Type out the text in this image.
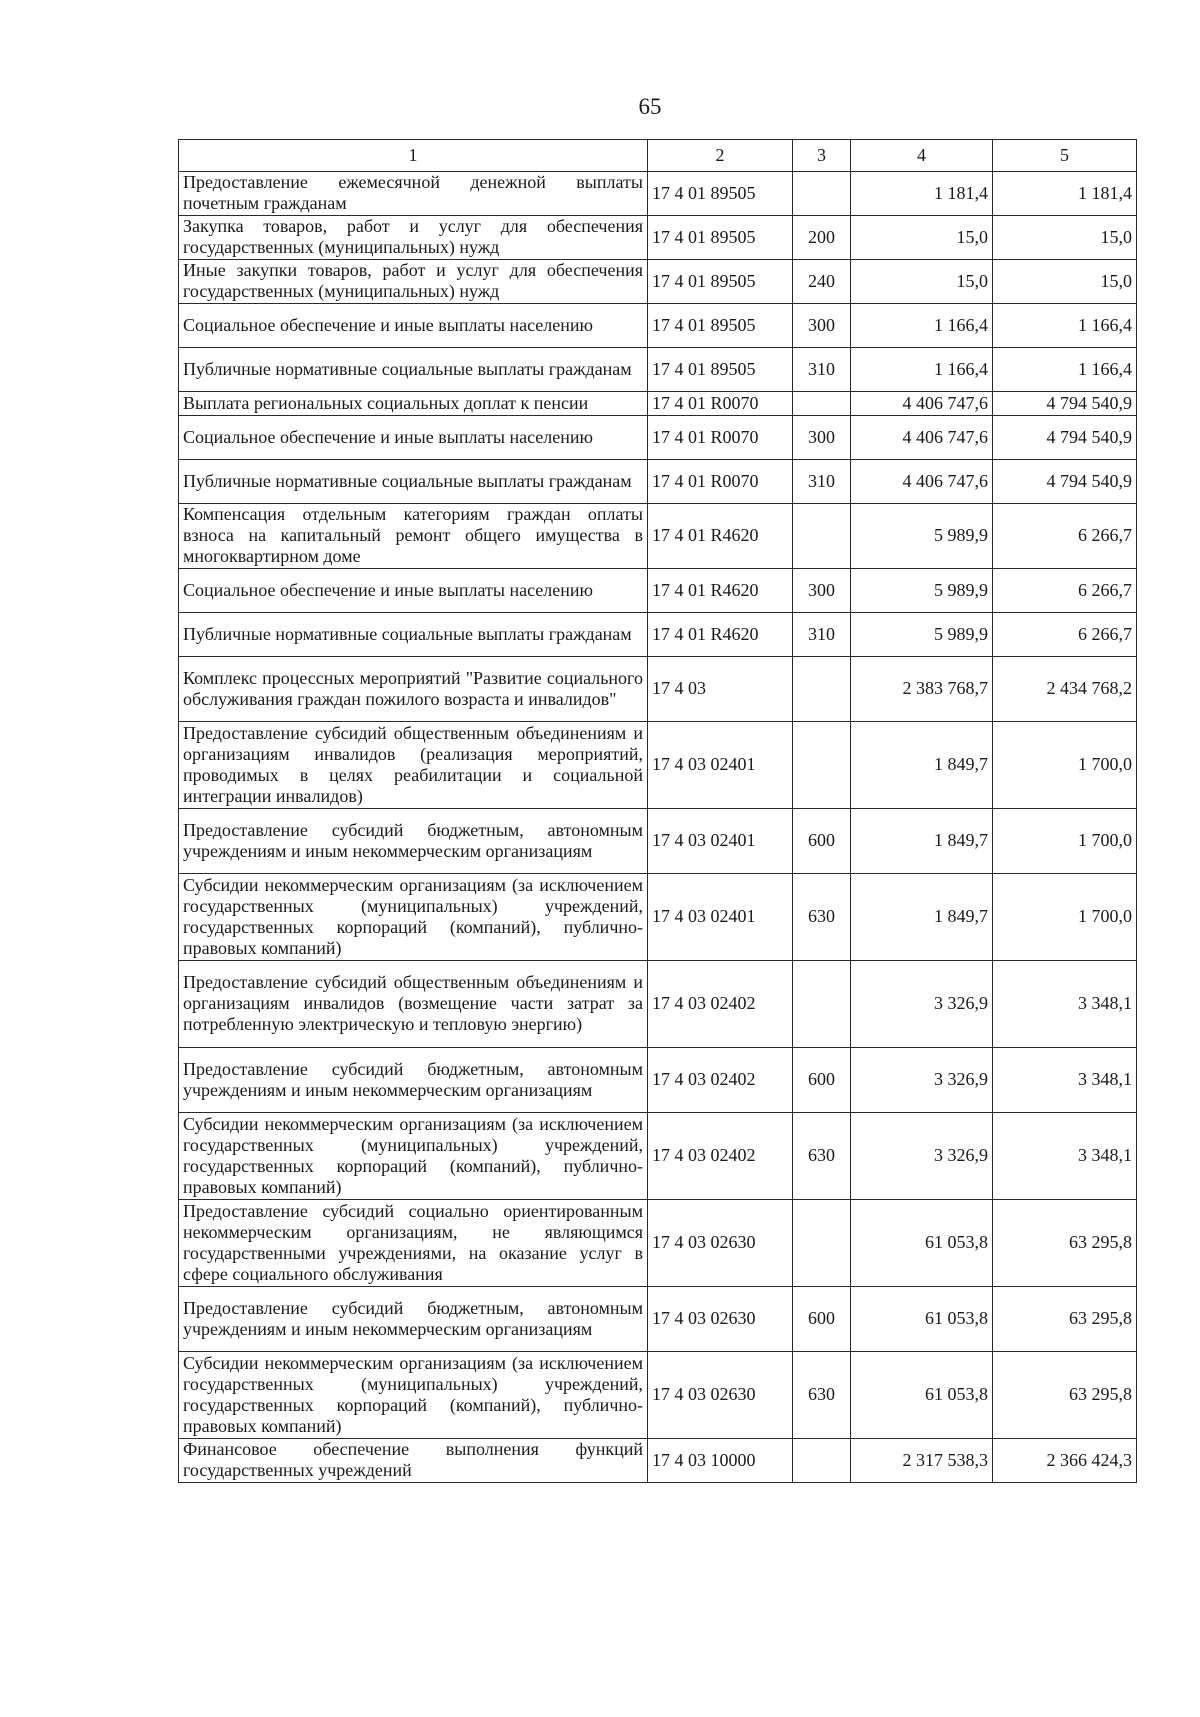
65
1	2	3	4	5
Предоставление ежемесячной денежной выплаты почетным гражданам	17 4 01 89505		1 181,4	1 181,4
Закупка товаров, работ и услуг для обеспечения государственных (муниципальных) нужд	17 4 01 89505	200	15,0	15,0
Иные закупки товаров, работ и услуг для обеспечения государственных (муниципальных) нужд	17 4 01 89505	240	15,0	15,0
Социальное обеспечение и иные выплаты населению	17 4 01 89505	300	1 166,4	1 166,4
Публичные нормативные социальные выплаты гражданам	17 4 01 89505	310	1 166,4	1 166,4
Выплата региональных социальных доплат к пенсии	17 4 01 R0070		4 406 747,6	4 794 540,9
Социальное обеспечение и иные выплаты населению	17 4 01 R0070	300	4 406 747,6	4 794 540,9
Публичные нормативные социальные выплаты гражданам	17 4 01 R0070	310	4 406 747,6	4 794 540,9
Компенсация отдельным категориям граждан оплаты взноса на капитальный ремонт общего имущества в многоквартирном доме	17 4 01 R4620		5 989,9	6 266,7
Социальное обеспечение и иные выплаты населению	17 4 01 R4620	300	5 989,9	6 266,7
Публичные нормативные социальные выплаты гражданам	17 4 01 R4620	310	5 989,9	6 266,7
Комплекс процессных мероприятий "Развитие социального обслуживания граждан пожилого возраста и инвалидов"	17 4 03		2 383 768,7	2 434 768,2
Предоставление субсидий общественным объединениям и организациям инвалидов (реализация мероприятий, проводимых в целях реабилитации и социальной интеграции инвалидов)	17 4 03 02401		1 849,7	1 700,0
Предоставление субсидий бюджетным, автономным учреждениям и иным некоммерческим организациям	17 4 03 02401	600	1 849,7	1 700,0
Субсидии некоммерческим организациям (за исключением государственных (муниципальных) учреждений, государственных корпораций (компаний), публично-правовых компаний)	17 4 03 02401	630	1 849,7	1 700,0
Предоставление субсидий общественным объединениям и организациям инвалидов (возмещение части затрат за потребленную электрическую и тепловую энергию)	17 4 03 02402		3 326,9	3 348,1
Предоставление субсидий бюджетным, автономным учреждениям и иным некоммерческим организациям	17 4 03 02402	600	3 326,9	3 348,1
Субсидии некоммерческим организациям (за исключением государственных (муниципальных) учреждений, государственных корпораций (компаний), публично-правовых компаний)	17 4 03 02402	630	3 326,9	3 348,1
Предоставление субсидий социально ориентированным некоммерческим организациям, не являющимся государственными учреждениями, на оказание услуг в сфере социального обслуживания	17 4 03 02630		61 053,8	63 295,8
Предоставление субсидий бюджетным, автономным учреждениям и иным некоммерческим организациям	17 4 03 02630	600	61 053,8	63 295,8
Субсидии некоммерческим организациям (за исключением государственных (муниципальных) учреждений, государственных корпораций (компаний), публично-правовых компаний)	17 4 03 02630	630	61 053,8	63 295,8
Финансовое обеспечение выполнения функций государственных учреждений	17 4 03 10000		2 317 538,3	2 366 424,3
